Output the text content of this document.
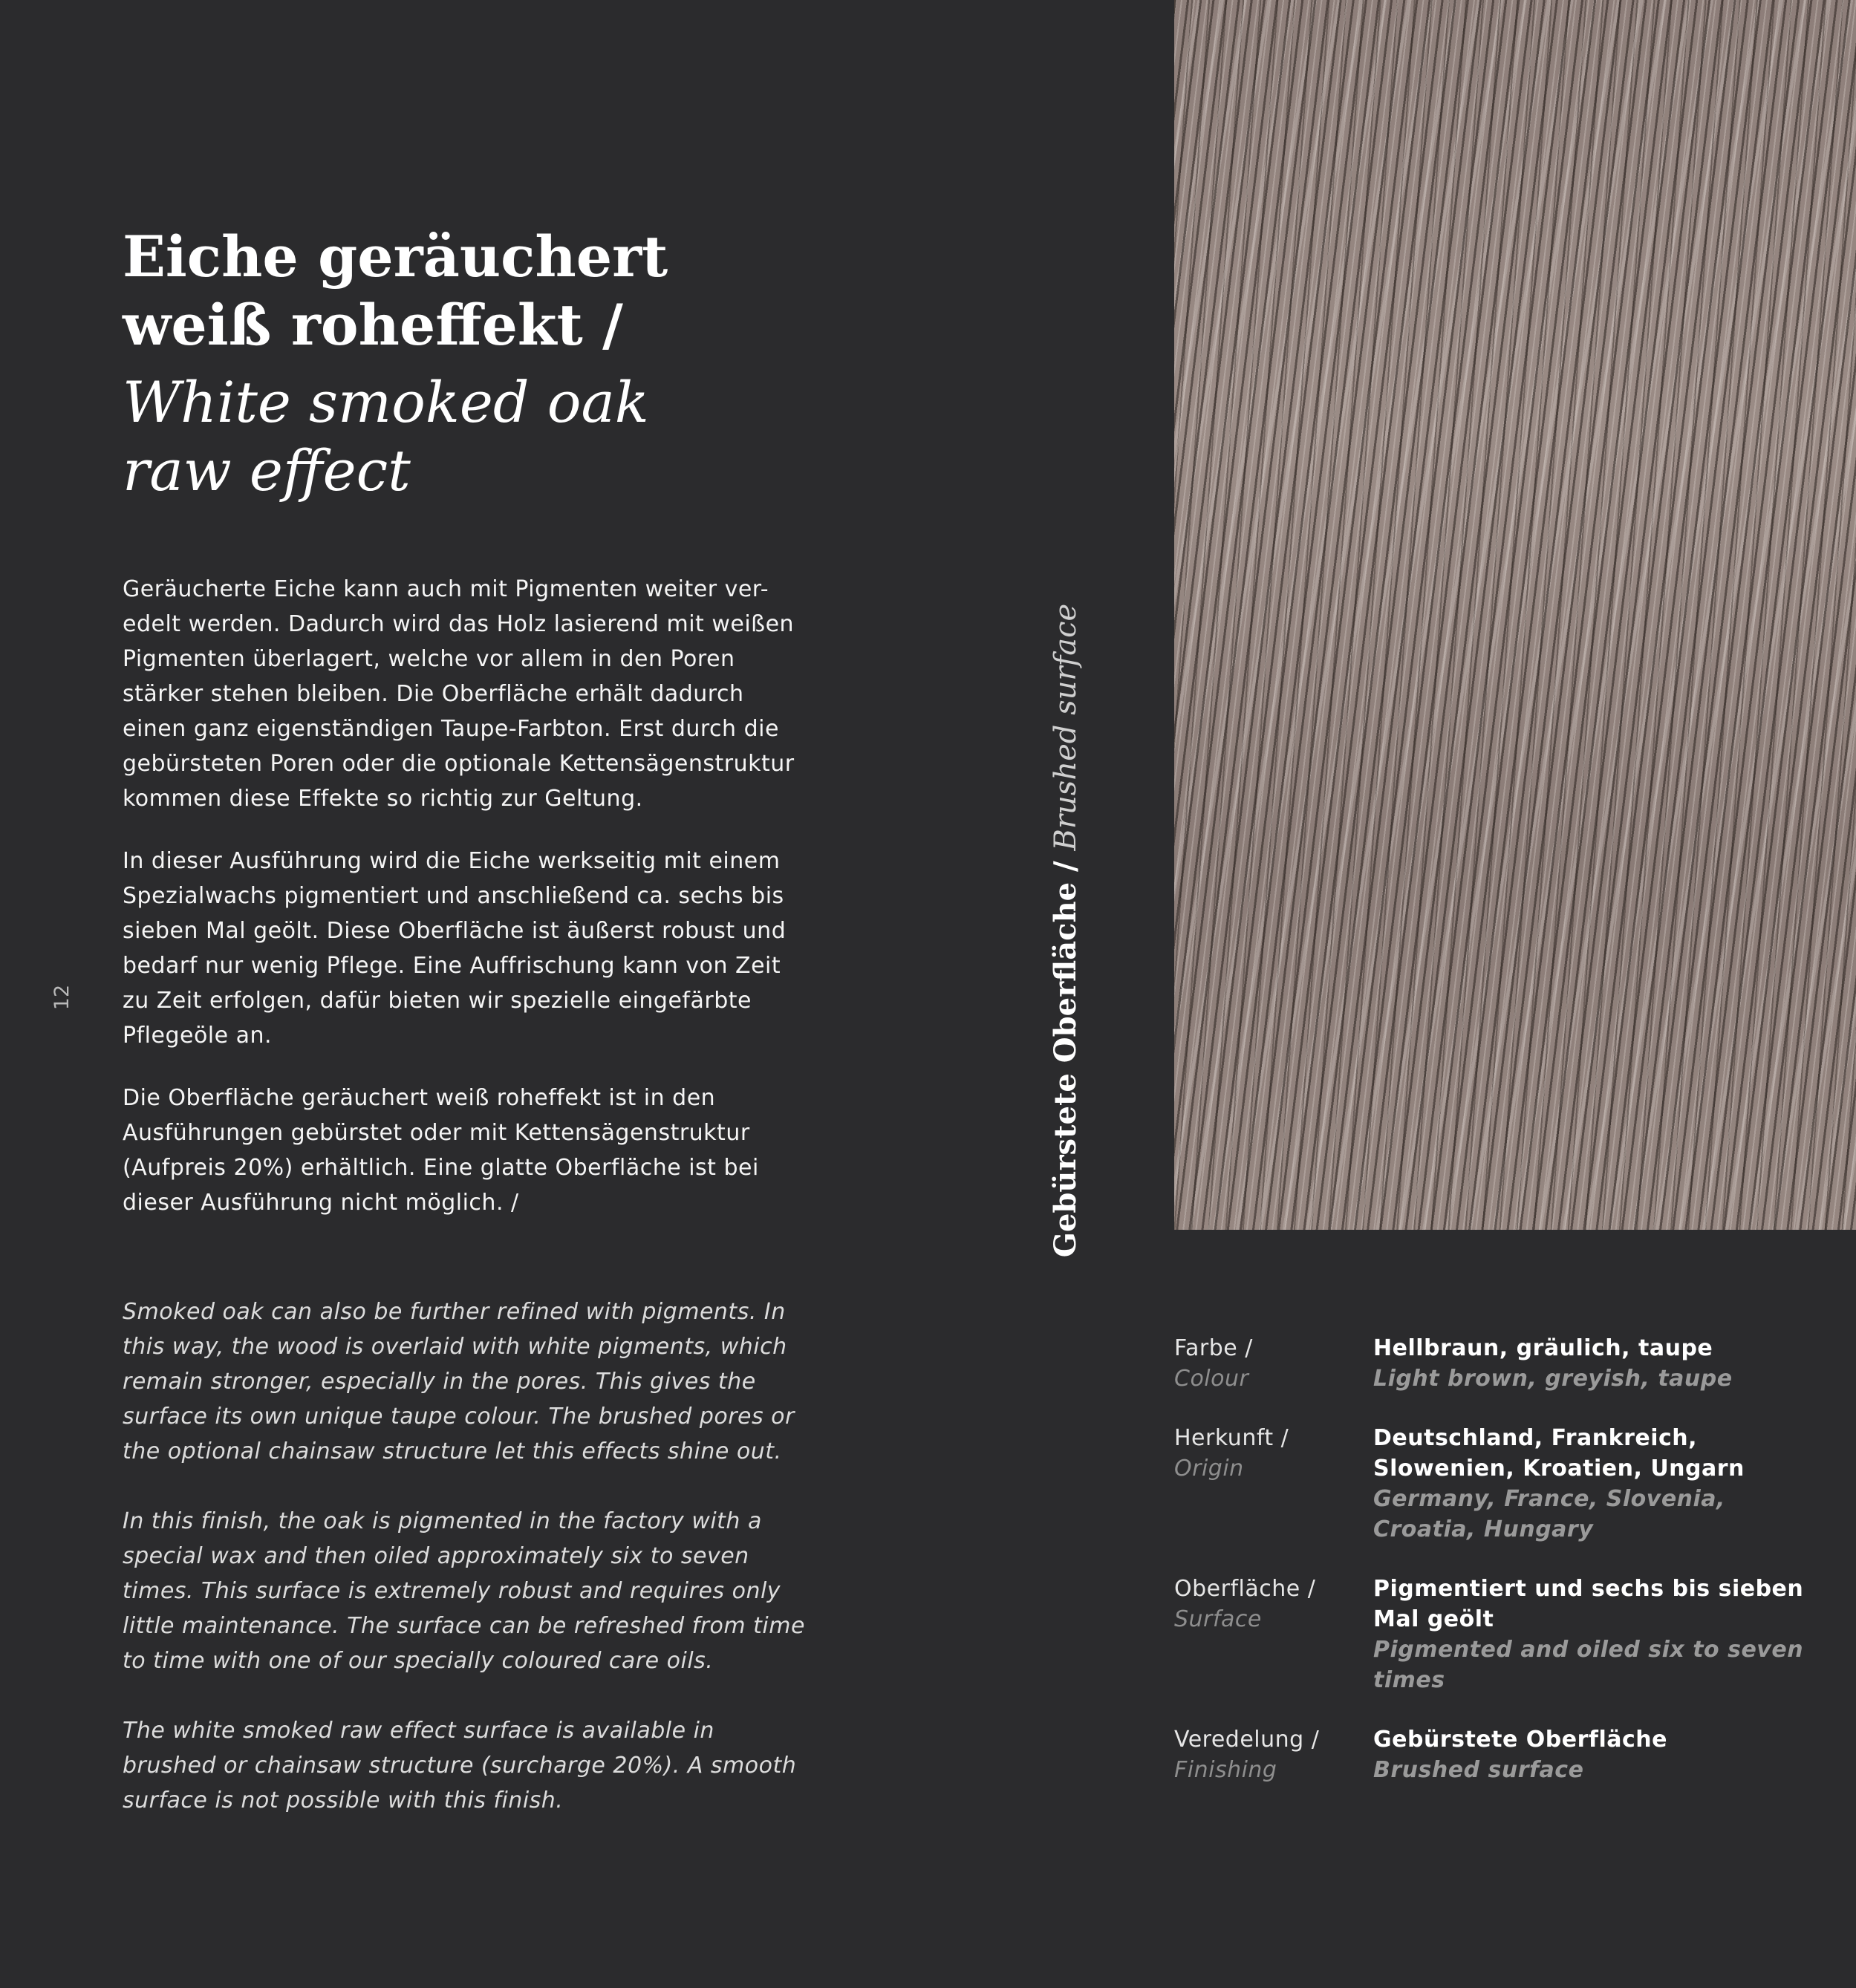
12
Eiche geräuchert
weiß roheffekt /
White smoked oak
raw effect

Geräucherte Eiche kann auch mit Pigmenten weiter ver- edelt werden. Dadurch wird das Holz lasierend mit weißen Pigmenten überlagert, welche vor allem in den Poren stärker stehen bleiben. Die Oberfläche erhält dadurch einen ganz eigenständigen Taupe-Farbton. Erst durch die gebürsteten Poren oder die optionale Kettensägenstruktur kommen diese Effekte so richtig zur Geltung.

In dieser Ausführung wird die Eiche werkseitig mit einem Spezialwachs pigmentiert und anschließend ca. sechs bis sieben Mal geölt. Diese Oberfläche ist äußerst robust und bedarf nur wenig Pflege. Eine Auffrischung kann von Zeit zu Zeit erfolgen, dafür bieten wir spezielle eingefärbte Pflegeöle an.

Die Oberfläche geräuchert weiß roheffekt ist in den Ausführungen gebürstet oder mit Kettensägenstruktur (Aufpreis 20%) erhältlich. Eine glatte Oberfläche ist bei dieser Ausführung nicht möglich. /

Smoked oak can also be further refined with pigments. In this way, the wood is overlaid with white pigments, which remain stronger, especially in the pores. This gives the surface its own unique taupe colour. The brushed pores or the optional chainsaw structure let this effects shine out.

In this finish, the oak is pigmented in the factory with a special wax and then oiled approximately six to seven times. This surface is extremely robust and requires only little maintenance. The surface can be refreshed from time to time with one of our specially coloured care oils.

The white smoked raw effect surface is available in brushed or chainsaw structure (surcharge 20%). A smooth surface is not possible with this finish.

Gebürstete Oberfläche / Brushed surface
Farbe /
Colour
Hellbraun, gräulich, taupe
Light brown, greyish, taupe
Herkunft /
Origin
Deutschland, Frankreich, Slowenien, Kroatien, Ungarn
Germany, France, Slovenia, Croatia, Hungary
Oberfläche /
Surface
Pigmentiert und sechs bis sieben Mal geölt
Pigmented and oiled six to seven times
Veredelung /
Finishing
Gebürstete Oberfläche
Brushed surface
